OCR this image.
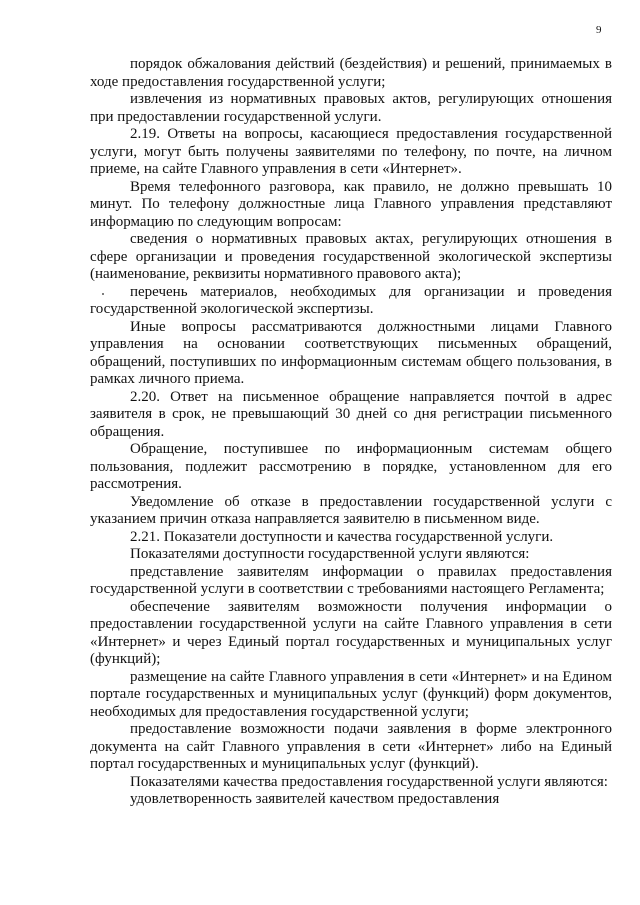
9

порядок обжалования действий (бездействия) и решений, принимаемых в ходе предоставления государственной услуги;

извлечения из нормативных правовых актов, регулирующих отношения при предоставлении государственной услуги.

2.19. Ответы на вопросы, касающиеся предоставления государственной услуги, могут быть получены заявителями по телефону, по почте, на личном приеме, на сайте Главного управления в сети «Интернет».

Время телефонного разговора, как правило, не должно превышать 10 минут. По телефону должностные лица Главного управления представляют информацию по следующим вопросам:

сведения о нормативных правовых актах, регулирующих отношения в сфере организации и проведения государственной экологической экспертизы (наименование, реквизиты нормативного правового акта);

перечень материалов, необходимых для организации и проведения государственной экологической экспертизы.

Иные вопросы рассматриваются должностными лицами Главного управления на основании соответствующих письменных обращений, обращений, поступивших по информационным системам общего пользования, в рамках личного приема.

2.20. Ответ на письменное обращение направляется почтой в адрес заявителя в срок, не превышающий 30 дней со дня регистрации письменного обращения.

Обращение, поступившее по информационным системам общего пользования, подлежит рассмотрению в порядке, установленном для его рассмотрения.

Уведомление об отказе в предоставлении государственной услуги с указанием причин отказа направляется заявителю в письменном виде.

2.21. Показатели доступности и качества государственной услуги.

Показателями доступности государственной услуги являются:

представление заявителям информации о правилах предоставления государственной услуги в соответствии с требованиями настоящего Регламента;

обеспечение заявителям возможности получения информации о предоставлении государственной услуги на сайте Главного управления в сети «Интернет» и через Единый портал государственных и муниципальных услуг (функций);

размещение на сайте Главного управления в сети «Интернет» и на Едином портале государственных и муниципальных услуг (функций) форм документов, необходимых для предоставления государственной услуги;

предоставление возможности подачи заявления в форме электронного документа на сайт Главного управления в сети «Интернет» либо на Единый портал государственных и муниципальных услуг (функций).

Показателями качества предоставления государственной услуги являются:

удовлетворенность заявителей качеством предоставления
